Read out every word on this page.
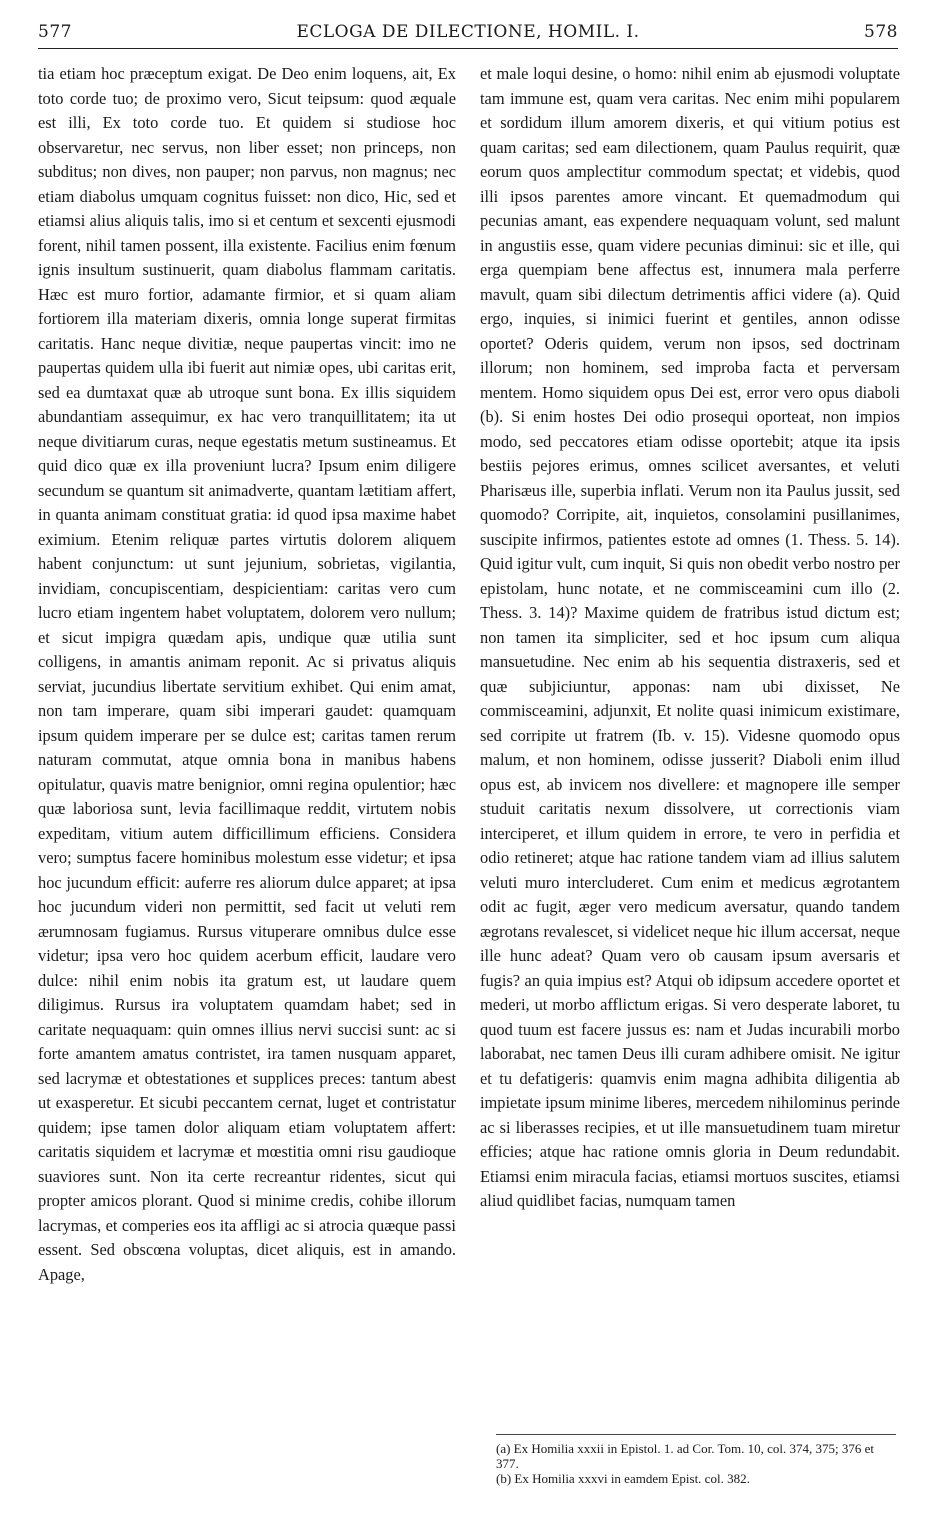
577	ECLOGA DE DILECTIONE, HOMIL. I.	578

tia etiam hoc præceptum exigat. De Deo enim loquens, ait, Ex toto corde tuo; de proximo vero, Sicut teipsum: quod æquale est illi, Ex toto corde tuo. Et quidem si studiose hoc observaretur, nec servus, non liber esset; non princeps, non subditus; non dives, non pauper; non parvus, non magnus; nec etiam diabolus umquam cognitus fuisset: non dico, Hic, sed et etiamsi alius aliquis talis, imo si et centum et sexcenti ejusmodi forent, nihil tamen possent, illa existente. Facilius enim fœnum ignis insultum sustinuerit, quam diabolus flammam caritatis. Hæc est muro fortior, adamante firmior, et si quam aliam fortiorem illa materiam dixeris, omnia longe superat firmitas caritatis. Hanc neque divitiæ, neque paupertas vincit: imo ne paupertas quidem ulla ibi fuerit aut nimiæ opes, ubi caritas erit, sed ea dumtaxat quæ ab utroque sunt bona. Ex illis siquidem abundantiam assequimur, ex hac vero tranquillitatem; ita ut neque divitiarum curas, neque egestatis metum sustineamus. Et quid dico quæ ex illa proveniunt lucra? Ipsum enim diligere secundum se quantum sit animadverte, quantam lætitiam affert, in quanta animam constituat gratia: id quod ipsa maxime habet eximium. Etenim reliquæ partes virtutis dolorem aliquem habent conjunctum: ut sunt jejunium, sobrietas, vigilantia, invidiam, concupiscentiam, despicientiam: caritas vero cum lucro etiam ingentem habet voluptatem, dolorem vero nullum; et sicut impigra quædam apis, undique quæ utilia sunt colligens, in amantis animam reponit. Ac si privatus aliquis serviat, jucundius libertate servitium exhibet. Qui enim amat, non tam imperare, quam sibi imperari gaudet: quamquam ipsum quidem imperare per se dulce est; caritas tamen rerum naturam commutat, atque omnia bona in manibus habens opitulatur, quavis matre benignior, omni regina opulentior; hæc quæ laboriosa sunt, levia facillimaque reddit, virtutem nobis expeditam, vitium autem difficillimum efficiens. Considera vero; sumptus facere hominibus molestum esse videtur; et ipsa hoc jucundum efficit: auferre res aliorum dulce apparet; at ipsa hoc jucundum videri non permittit, sed facit ut veluti rem ærumnosam fugiamus. Rursus vituperare omnibus dulce esse videtur; ipsa vero hoc quidem acerbum efficit, laudare vero dulce: nihil enim nobis ita gratum est, ut laudare quem diligimus. Rursus ira voluptatem quamdam habet; sed in caritate nequaquam: quin omnes illius nervi succisi sunt: ac si forte amantem amatus contristet, ira tamen nusquam apparet, sed lacrymæ et obtestationes et supplices preces: tantum abest ut exasperetur. Et sicubi peccantem cernat, luget et contristatur quidem; ipse tamen dolor aliquam etiam voluptatem affert: caritatis siquidem et lacrymæ et mœstitia omni risu gaudioque suaviores sunt. Non ita certe recreantur ridentes, sicut qui propter amicos plorant. Quod si minime credis, cohibe illorum lacrymas, et comperies eos ita affligi ac si atrocia quæque passi essent. Sed obscœna voluptas, dicet aliquis, est in amando. Apage,

et male loqui desine, o homo: nihil enim ab ejusmodi voluptate tam immune est, quam vera caritas. Nec enim mihi popularem et sordidum illum amorem dixeris, et qui vitium potius est quam caritas; sed eam dilectionem, quam Paulus requirit, quæ eorum quos amplectitur commodum spectat; et videbis, quod illi ipsos parentes amore vincant. Et quemadmodum qui pecunias amant, eas expendere nequaquam volunt, sed malunt in angustiis esse, quam videre pecunias diminui: sic et ille, qui erga quempiam bene affectus est, innumera mala perferre mavult, quam sibi dilectum detrimentis affici videre (a). Quid ergo, inquies, si inimici fuerint et gentiles, annon odisse oportet? Oderis quidem, verum non ipsos, sed doctrinam illorum; non hominem, sed improba facta et perversam mentem. Homo siquidem opus Dei est, error vero opus diaboli (b). Si enim hostes Dei odio prosequi oporteat, non impios modo, sed peccatores etiam odisse oportebit; atque ita ipsis bestiis pejores erimus, omnes scilicet aversantes, et veluti Pharisæus ille, superbia inflati. Verum non ita Paulus jussit, sed quomodo? Corripite, ait, inquietos, consolamini pusillanimes, suscipite infirmos, patientes estote ad omnes (1. Thess. 5. 14). Quid igitur vult, cum inquit, Si quis non obedit verbo nostro per epistolam, hunc notate, et ne commisceamini cum illo (2. Thess. 3. 14)? Maxime quidem de fratribus istud dictum est; non tamen ita simpliciter, sed et hoc ipsum cum aliqua mansuetudine. Nec enim ab his sequentia distraxeris, sed et quæ subjiciuntur, apponas: nam ubi dixisset, Ne commisceamini, adjunxit, Et nolite quasi inimicum existimare, sed corripite ut fratrem (Ib. v. 15). Videsne quomodo opus malum, et non hominem, odisse jusserit? Diaboli enim illud opus est, ab invicem nos divellere: et magnopere ille semper studuit caritatis nexum dissolvere, ut correctionis viam interciperet, et illum quidem in errore, te vero in perfidia et odio retineret; atque hac ratione tandem viam ad illius salutem veluti muro intercluderet. Cum enim et medicus ægrotantem odit ac fugit, æger vero medicum aversatur, quando tandem ægrotans revalescet, si videlicet neque hic illum accersat, neque ille hunc adeat? Quam vero ob causam ipsum aversaris et fugis? an quia impius est? Atqui ob idipsum accedere oportet et mederi, ut morbo afflictum erigas. Si vero desperate laboret, tu quod tuum est facere jussus es: nam et Judas incurabili morbo laborabat, nec tamen Deus illi curam adhibere omisit. Ne igitur et tu defatigeris: quamvis enim magna adhibita diligentia ab impietate ipsum minime liberes, mercedem nihilominus perinde ac si liberasses recipies, et ut ille mansuetudinem tuam miretur efficies; atque hac ratione omnis gloria in Deum redundabit. Etiamsi enim miracula facias, etiamsi mortuos suscites, etiamsi aliud quidlibet facias, numquam tamen

(a) Ex Homilia xxxii in Epistol. 1. ad Cor. Tom. 10, col. 374, 375; 376 et 377.
(b) Ex Homilia xxxvi in eamdem Epist. col. 382.
